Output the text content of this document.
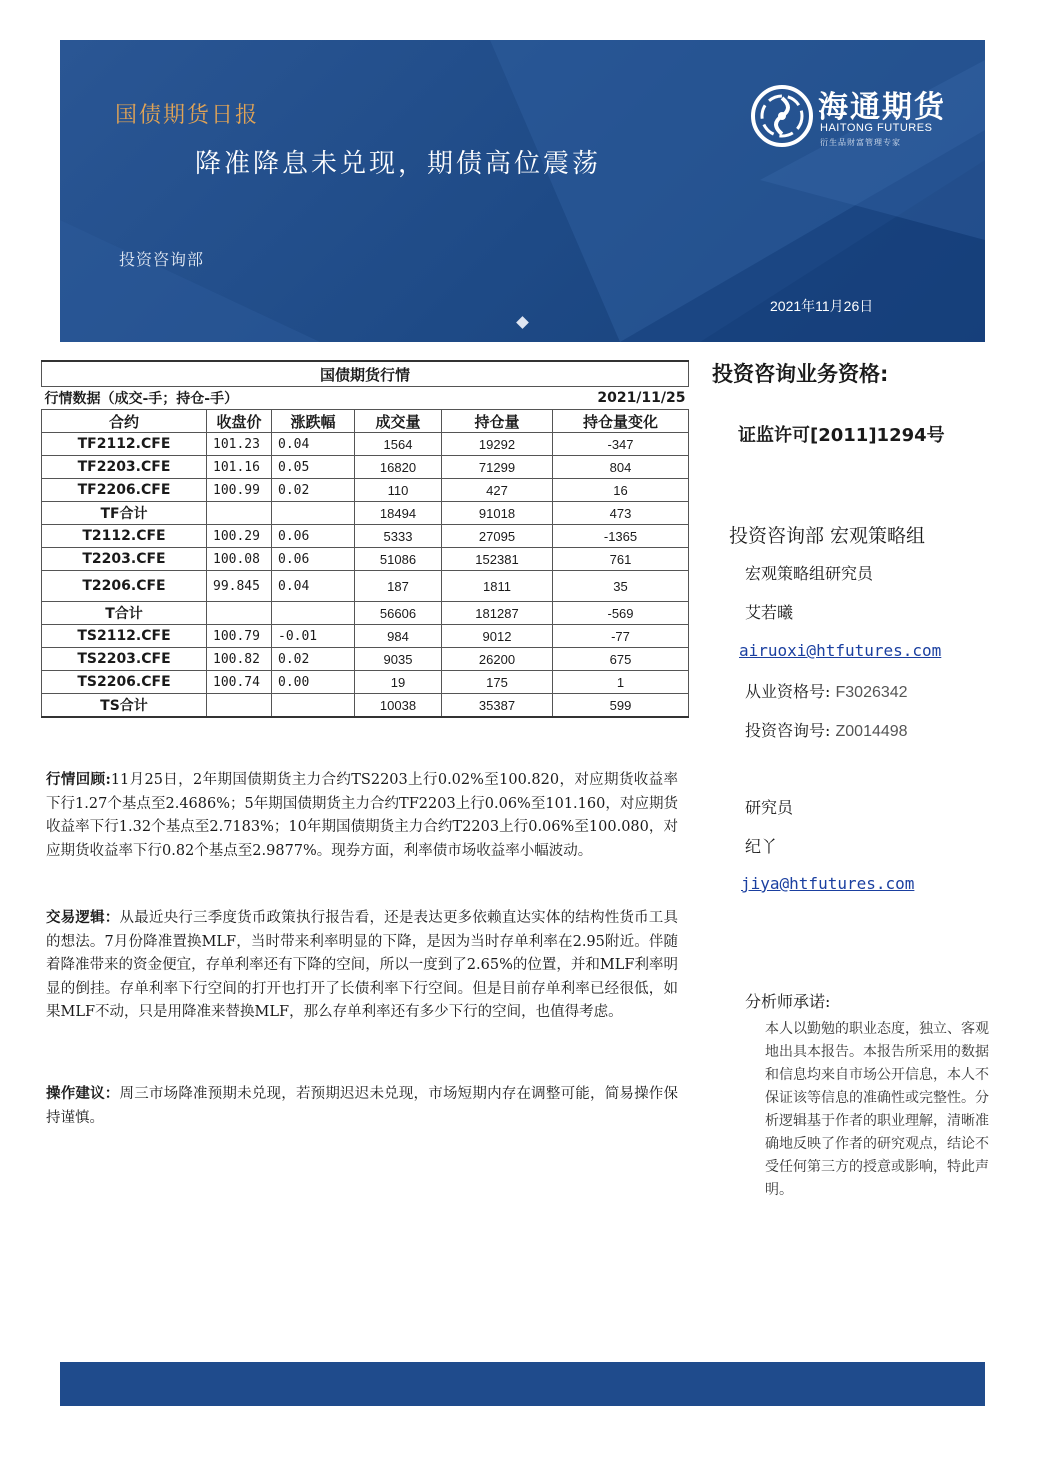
国债期货日报
降准降息未兑现，期债高位震荡
投资咨询部
2021年11月26日
海通期货
HAITONG FUTURES
衍生品财富管理专家
国债期货行情					
行情数据（成交-手；持仓-手）				2021/11/25	
合约	收盘价	涨跌幅	成交量	持仓量	持仓量变化
TF2112.CFE	101.23	0.04	1564	19292	-347
TF2203.CFE	101.16	0.05	16820	71299	804
TF2206.CFE	100.99	0.02	110	427	16
TF合计			18494	91018	473
T2112.CFE	100.29	0.06	5333	27095	-1365
T2203.CFE	100.08	0.06	51086	152381	761
T2206.CFE	99.845	0.04	187	1811	35
T合计			56606	181287	-569
TS2112.CFE	100.79	-0.01	984	9012	-77
TS2203.CFE	100.82	0.02	9035	26200	675
TS2206.CFE	100.74	0.00	19	175	1
TS合计			10038	35387	599
行情回顾:11月25日，2年期国债期货主力合约TS2203上行0.02%至100.820，对应期货收益率下行1.27个基点至2.4686%；5年期国债期货主力合约TF2203上行0.06%至101.160，对应期货收益率下行1.32个基点至2.7183%；10年期国债期货主力合约T2203上行0.06%至100.080，对应期货收益率下行0.82个基点至2.9877%。现券方面，利率债市场收益率小幅波动。
交易逻辑：从最近央行三季度货币政策执行报告看，还是表达更多依赖直达实体的结构性货币工具的想法。7月份降准置换MLF，当时带来利率明显的下降，是因为当时存单利率在2.95附近。伴随着降准带来的资金便宜，存单利率还有下降的空间，所以一度到了2.65%的位置，并和MLF利率明显的倒挂。存单利率下行空间的打开也打开了长债利率下行空间。但是目前存单利率已经很低，如果MLF不动，只是用降准来替换MLF，那么存单利率还有多少下行的空间，也值得考虑。
操作建议：周三市场降准预期未兑现，若预期迟迟未兑现，市场短期内存在调整可能，简易操作保持谨慎。
投资咨询业务资格:
证监许可[2011]1294号
投资咨询部 宏观策略组
宏观策略组研究员
艾若曦
airuoxi@htfutures.com
从业资格号: F3026342
投资咨询号: Z0014498
研究员
纪丫
jiya@htfutures.com
分析师承诺:
本人以勤勉的职业态度，独立、客观地出具本报告。本报告所采用的数据和信息均来自市场公开信息，本人不保证该等信息的准确性或完整性。分析逻辑基于作者的职业理解，清晰准确地反映了作者的研究观点，结论不受任何第三方的授意或影响，特此声明。
